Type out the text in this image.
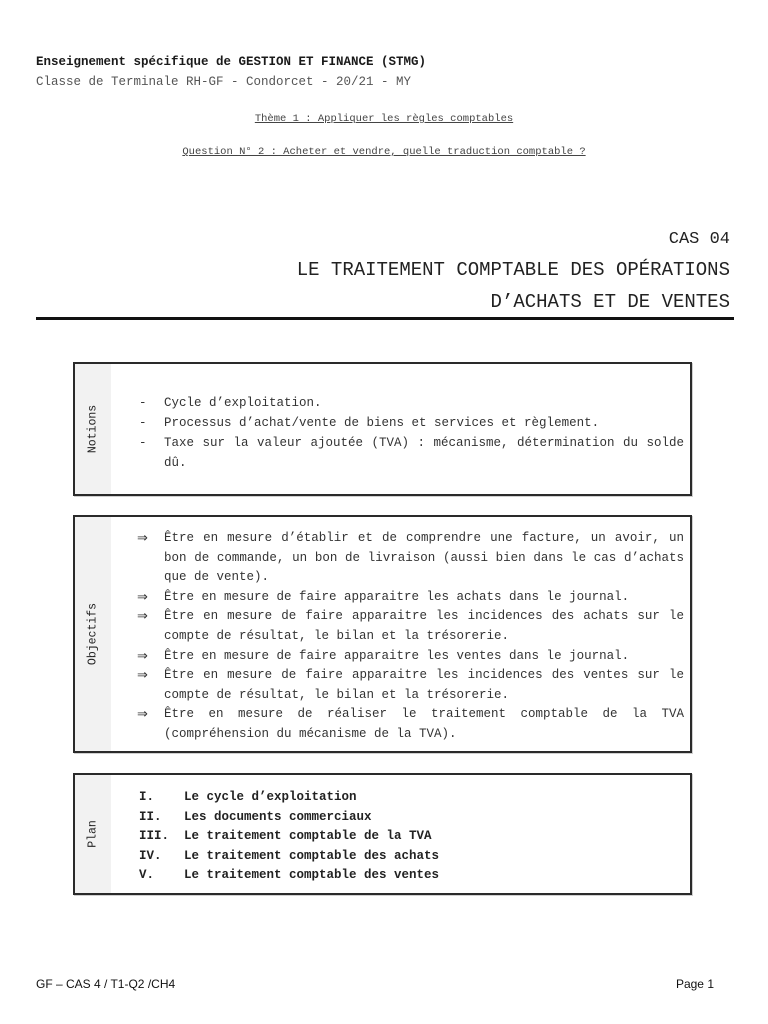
Enseignement spécifique de GESTION ET FINANCE (STMG)
Classe de Terminale RH-GF - Condorcet - 20/21 - MY
Thème 1 : Appliquer les règles comptables
Question N° 2 : Acheter et vendre, quelle traduction comptable ?
CAS 04
LE TRAITEMENT COMPTABLE DES OPÉRATIONS
D’ACHATS ET DE VENTES
Notions
- Cycle d’exploitation.
- Processus d’achat/vente de biens et services et règlement.
- Taxe sur la valeur ajoutée (TVA) : mécanisme, détermination du solde dû.
Objectifs
⇒ Être en mesure d’établir et de comprendre une facture, un avoir, un bon de commande, un bon de livraison (aussi bien dans le cas d’achats que de vente).
⇒ Être en mesure de faire apparaitre les achats dans le journal.
⇒ Être en mesure de faire apparaitre les incidences des achats sur le compte de résultat, le bilan et la trésorerie.
⇒ Être en mesure de faire apparaitre les ventes dans le journal.
⇒ Être en mesure de faire apparaitre les incidences des ventes sur le compte de résultat, le bilan et la trésorerie.
⇒ Être en mesure de réaliser le traitement comptable de la TVA (compréhension du mécanisme de la TVA).
Plan
I. Le cycle d’exploitation
II. Les documents commerciaux
III. Le traitement comptable de la TVA
IV. Le traitement comptable des achats
V. Le traitement comptable des ventes
GF – CAS 4 / T1-Q2 /CH4	Page 1
